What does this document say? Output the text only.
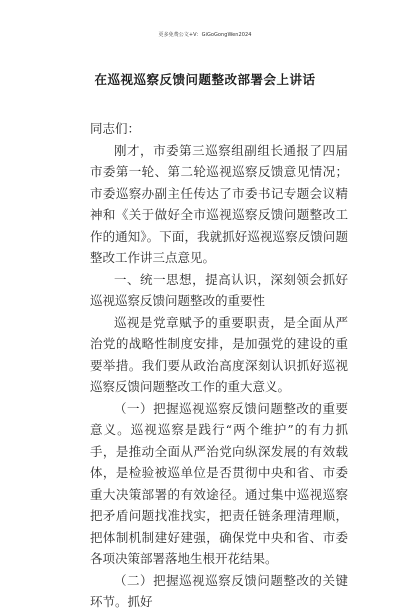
更多免费公文+V：GiGoGongWen2024
在巡视巡察反馈问题整改部署会上讲话

同志们：

刚才，市委第三巡察组副组长通报了四届市委第一轮、第二轮巡视巡察反馈意见情况；市委巡察办副主任传达了市委书记专题会议精神和《关于做好全市巡视巡察反馈问题整改工作的通知》。下面，我就抓好巡视巡察反馈问题整改工作讲三点意见。

一、统一思想，提高认识，深刻领会抓好巡视巡察反馈问题整改的重要性

巡视是党章赋予的重要职责，是全面从严治党的战略性制度安排，是加强党的建设的重要举措。我们要从政治高度深刻认识抓好巡视巡察反馈问题整改工作的重大意义。

（一）把握巡视巡察反馈问题整改的重要意义。巡视巡察是践行“两个维护”的有力抓手，是推动全面从严治党向纵深发展的有效载体，是检验被巡单位是否贯彻中央和省、市委重大决策部署的有效途径。通过集中巡视巡察把矛盾问题找准找实，把责任链条理清理顺，把体制机制建好建强，确保党中央和省、市委各项决策部署落地生根开花结果。

（二）把握巡视巡察反馈问题整改的关键环节。抓好
